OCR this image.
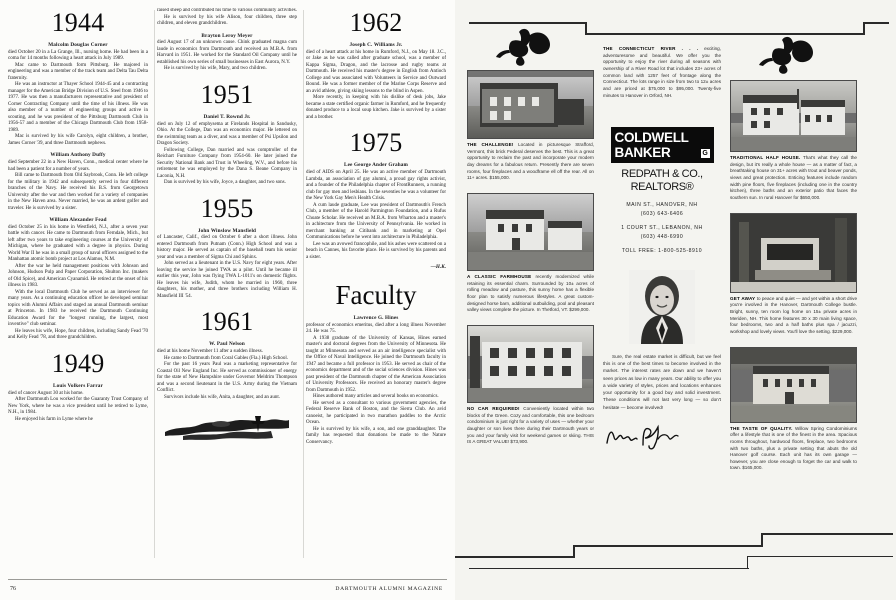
1944
Malcolm Douglas Corner

died October 20 in a La Grange, Ill., nursing home. He had been in a coma for 14 months following a heart attack in July 1989.

Mac came to Dartmouth form Pittsburg. He majored in engineering and was a member of the track team and Delta Tau Delta fraternity.

He was an instructor at Thayer School 1944-45 and a contracting manager for the American Bridge Division of U.S. Steel from 1946 to 1977. He was then a manufacturers representative and president of Corner Contracting Company until the time of his illness. He was also member of a number of engineering groups and active in scouting, and he was president of the Pittsburg Dartmouth Club in 1956-57 and a member of the Chicago Dartmouth Club from 1958-1989.

Mac is survived by his wife Carolyn, eight children, a brother, James Corner '39, and three Dartmouth nephews.

William Anthony Duffy

died September 22 in a New Haven, Conn., medical center where he had been a patient for a number of years.

Bill came to Dartmouth from Old Saybrook, Conn. He left college for the military in 1942 and subsequently served in four different branches of the Navy. He received his B.S. from Georgetown University after the war and then worked for a variety of companies in the New Haven area. Never married, he was an ardent golfer and traveler. He is survived by a sister.

William Alexander Fead

died October 25 in his home in Westfield, N.J., after a seven year battle with cancer. He came to Dartmouth from Ferndale, Mich., but left after two years to take engineering courses at the University of Michigan, where he graduated with a degree in physics. During World War II he was in a small group of naval officers assigned to the Manhattan atomic bomb project at Los Alamos, N.M.

After the war he held management positions with Johnson and Johnson, Hudson Pulp and Paper Corporation, Shulton Inc. (makers of Old Spice), and American Cyanamid. He retired at the onset of his illness in 1983.

With the local Dartmouth Club he served as an interviewer for many years. As a continuing education officer he developed seminar topics with Alumni Affairs and staged an annual Dartmouth seminar at Princeton. In 1983 he received the Dartmouth Continuing Education Award for the "longest running, the largest, most inventive" club seminar.

He leaves his wife, Hope, four children, including Sandy Fead '70 and Kelly Fead '78, and three grandchildren.

1949
Louis Volkers Farrar

died of cancer August 30 at his home.

After Dartmouth Lou worked for the Guaranty Trust Company of New York, where he was a vice president until he retired to Lyme, N.H., in 1984.

He enjoyed his farm in Lyme where he

raised sheep and contributed his time to various community activities.

He is survived by his wife Alison, four children, three step children, and eleven grandchildren.

Brayton Leroy Meyer

died August 17 of an unknown cause. Chink graduated magna cum laude in economics from Dartmouth and received an M.B.A. from Harvard in 1951. He worked for the Standard Oil Company until he established his own series of small businesses in East Aurora, N.Y.

He is survived by his wife, Mary, and two children.

1951
Daniel T. Rownd Jr.

died on July 12 of emphysema at Firelands Hospital in Sandusky, Ohio. At the College, Dan was an economics major. He lettered on the swimming team as a diver, and was a member of Psi Upsilon and Dragon Society.

Following College, Dan married and was comptroller of the Reichart Furniture Company from 1954-60. He later joined the Security National Bank and Trust in Wheeling, W.V., and before his retirement he was employed by the Dana S. Beane Company in Laconia, N.H.

Dan is survived by his wife, Joyce, a daughter, and two sons.

1955
John Winslow Mansfield

of Lancaster, Calif., died on October 6 after a short illness. John entered Dartmouth from Putnam (Conn.) High School and was a history major. He served as captain of the baseball team his senior year and was a member of Sigma Chi and Sphinx.

John served as a lieutenant in the U.S. Navy for eight years. After leaving the service he joined TWA as a pilot. Until he became ill earlier this year, John was flying TWA L-1011's on domestic flights. He leaves his wife, Judith, whom he married in 1960, three daughters, his mother, and three brothers including William H. Mansfield III '54.

1961
W. Paul Nelson

died at his home November 11 after a sudden illness.

He came to Dartmouth from Coral Gables (Fla.) High School.

For the past 16 years Paul was a marketing representative for Coastal Oil New England Inc. He served as commissioner of energy for the state of New Hampshire under Governor Meldrim Thompson and was a second lieutenant in the U.S. Army during the Vietnam Conflict.

Survivors include his wife, Anita, a daughter, and an aunt.

1962
Joseph C. Williams Jr.

died of a heart attack at his home in Rumford, N.J., on May 18. J.C., or Jake as he was called after graduate school, was a member of Kappa Sigma, Dragon, and the lacrosse and rugby teams at Dartmouth. He received his master's degree in English from Antioch College and was associated with Volunteers in Service and Outward Bound. He was a former member of the Marine Corps Reserve and an avid athlete, giving skiing lessons to the blind in Aspen.

More recently, in keeping with his dislike of desk jobs, Jake became a state certified organic farmer in Rumford, and he frequently donated produce to a local soup kitchen. Jake is survived by a sister and a brother.

1975
Lee George Ander Graham

died of AIDS on April 25. He was an active member of Dartmouth Lambda, an association of gay alumni, a proud gay rights activist, and a founder of the Philadelphia chapter of FrontRunners, a running club for gay men and lesbians. In the seventies he was a volunteer for the New York Gay Men's Health Crisis.

A cum laude graduate, Lee was president of Dartmouth's French Club, a member of the Harold Parmington Foundation, and a Rufus Choate Scholar. He received an M.B.A. from Wharton and a master's in achitecture from the University of Pennsylvania. He worked in merchant banking at Citibank and in marketing at Opel Communications before he went into architecture in Philadelphia.

Lee was an avowed francophile, and his ashes were scattered on a beach in Cannes, his favorite place. He is survived by his parents and a sister.

—H.K.
Faculty
Lawrence G. Hines

professor of economics emeritus, died after a long illness November 24. He was 75.

A 1938 graduate of the University of Kansas, Hines earned master's and doctoral degrees from the University of Minnesota. He taught at Minnesota and served as an air intelligence specialist with the Office of Naval Intelligence. He joined the Dartmouth faculty in 1947 and became a full professor in 1953. He served as chair of the economics department and of the social sciences division. Hines was past president of the Dartmouth chapter of the American Association of University Professors. He received an honorary master's degree from Dartmouth in 1952.

Hines authored many articles and several books on economics.

He served as a consultant to various government agencies, the Federal Reserve Bank of Boston, and the Sierra Club. An avid canoeist, he participated in two marathon paddles to the Arctic Ocean.

He is survived by his wife, a son, and one granddaughter. The family has requested that donations be made to the Nature Conservancy.

76	DARTMOUTH ALUMNI MAGAZINE

THE CHALLENGE! Located in picturesque Strafford, Vermont, this brick Federal deserves the best. This is a great opportunity to reclaim the past and incorporate your modern day dreams for a fabulous return. Presently there are seven rooms, four fireplaces and a woodframe ell off the rear. All on 11+ acres. $155,000.

A CLASSIC FARMHOUSE recently modernized while retaining its essential charm. Surrounded by 10± acres of rolling meadow and pasture, this sunny home has a flexible floor plan to satisfy numerous lifestyles. A great custom-designed horse barn, additional outbuilding, pool and pleasant valley views complete the picture. In Thetford, VT. $299,000.

NO CAR REQUIRED! Conveniently located within two blocks of the Green. Cozy and comfortable, this one bedroom condominium is just right for a variety of uses — whether your daughter or son lives there during their Dartmouth years or you and your family visit for weekend games or skiing. THIS IS A GREAT VALUE! $73,900.

THE CONNECTICUT RIVER . . . exciting, adventuresome and beautiful. We offer you the opportunity to enjoy the river during all seasons with ownership of a River Road lot that includes 23+ acres of common land with 1257 feet of frontage along the Connecticut. The lots range in size from two to 12± acres and are priced at $75,000 to $95,000. Twenty-five minutes to Hanover in Orford, NH.

COLDWELL
BANKER	G
REDPATH & CO.,
REALTORS®
MAIN ST., HANOVER, NH
(603) 643-6406
1 COURT ST., LEBANON, NH
(603) 448-6990
TOLL FREE: 1-800-525-8910

Sure, the real estate market is difficult, but we feel this is one of the best times to become involved in the market. The interest rates are down and we haven't seen prices as low in many years. Our ability to offer you a wide variety of styles, prices and locations enhances your opportunity for a good buy and solid investment. These conditions will not last very long — so don't hesitate — become involved!

TRADITIONAL HALF HOUSE. That's what they call the design, but it's really a whole house — as a matter of fact, a breathtaking house on 31+ acres with trout and beaver ponds, views and great protection. Enticing features include random width pine floors, five fireplaces (including one in the country kitchen), three baths and an exterior patio that faces the southern sun. In rural Hanover for $650,000.

GET AWAY to peace and quiet — and yet within a short drive you're involved in the Hanover, Dartmouth College bustle. Bright, sunny, ten room log home on 15± private acres in Meriden, NH. This home features 30 x 30 main living space, four bedrooms, two and a half baths plus spa / jacuzzi, workshop and lovely views. You'll love the setting. $229,000.

THE TASTE OF QUALITY. Willow Spring Condominiums offer a lifestyle that is one of the finest in the area. Spacious rooms throughout, hardwood floors, fireplace, two bedrooms with two baths, plus a private setting that abuts the old Hanover golf course. Each unit has its own garage — however, you are close enough to forget the car and walk to town. $165,000.
